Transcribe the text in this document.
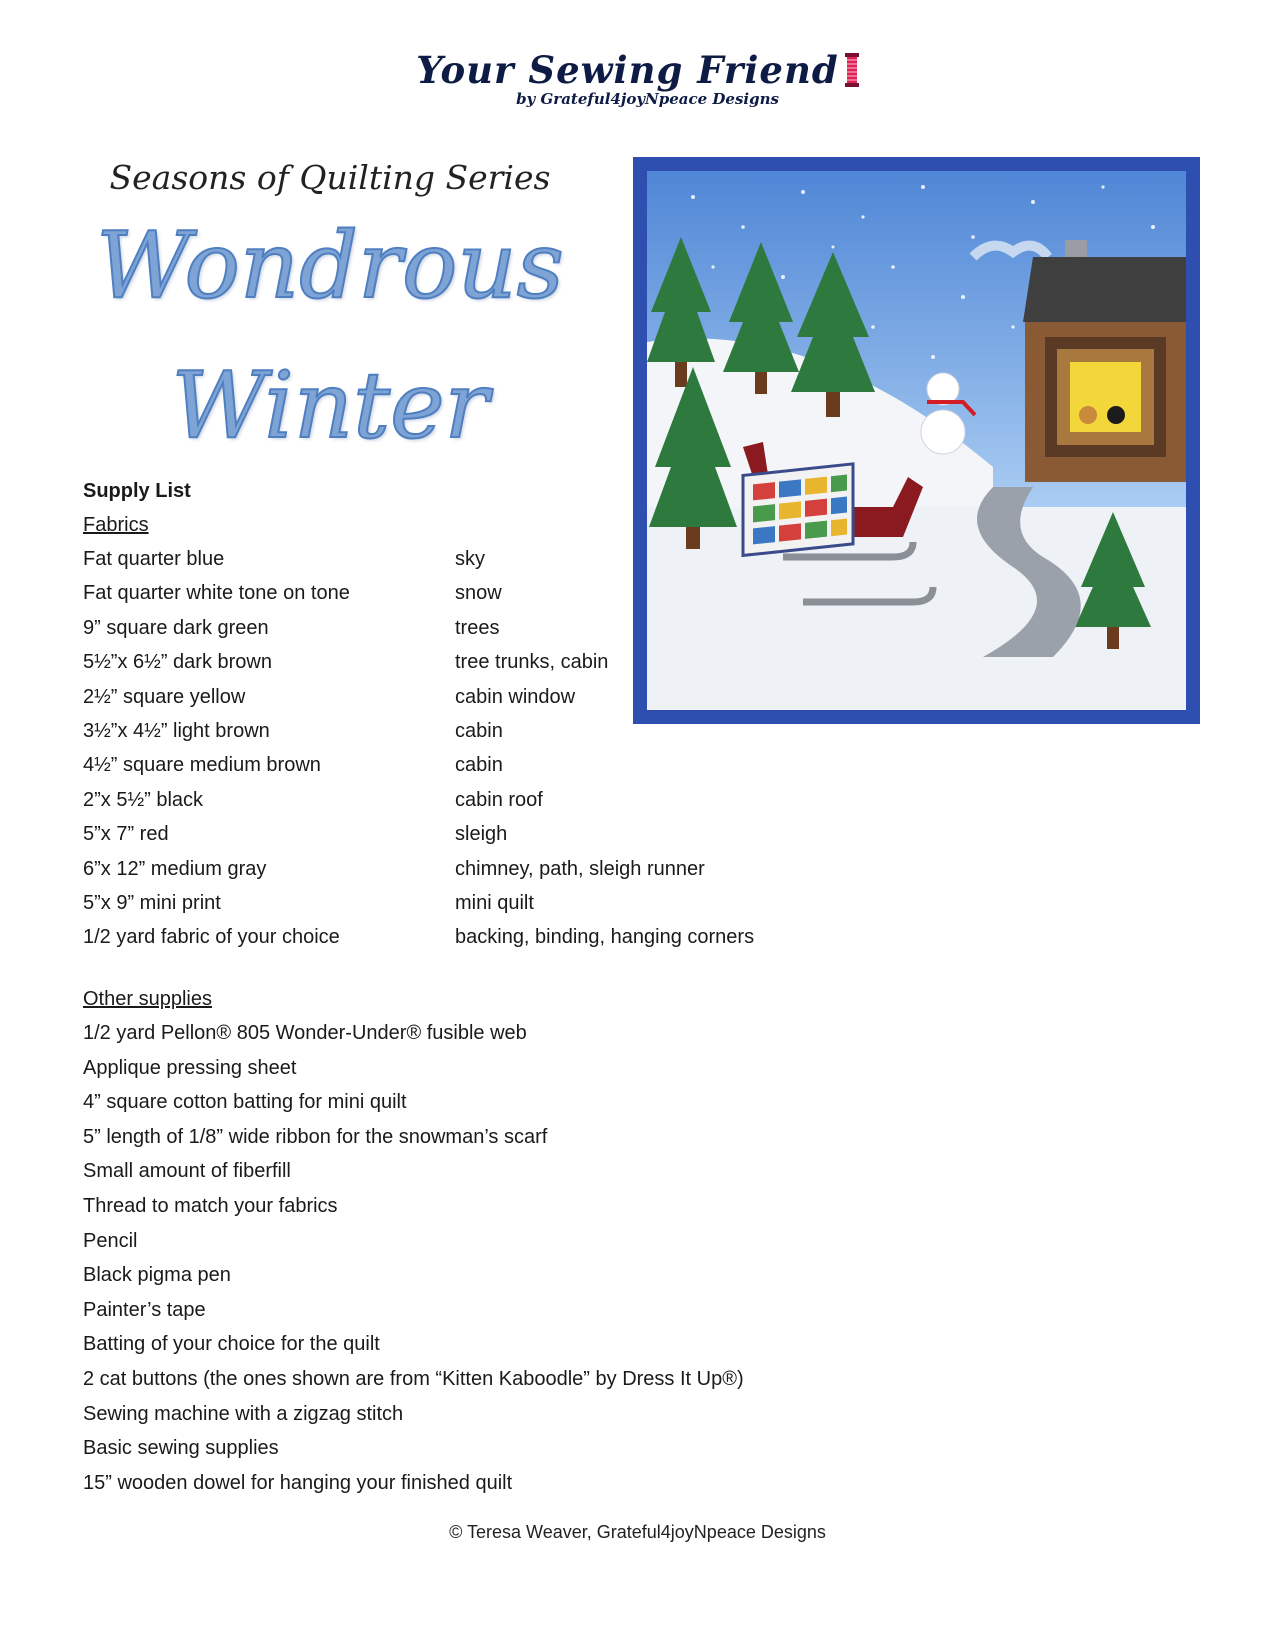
Your Sewing Friend
by Grateful4joyNpeace Designs
Seasons of Quilting Series
Wondrous
Winter
Supply List
Fabrics
Fat quarter blue	sky
Fat quarter white tone on tone	snow
9” square dark green	trees
5½”x 6½” dark brown	tree trunks, cabin
2½” square yellow	cabin window
3½”x 4½” light brown	cabin
4½” square medium brown	cabin
2”x 5½” black	cabin roof
5”x 7” red	sleigh
6”x 12” medium gray	chimney, path, sleigh runner
5”x 9” mini print	mini quilt
1/2 yard fabric of your choice	backing, binding, hanging corners
Other supplies
1/2 yard Pellon® 805 Wonder-Under® fusible web
Applique pressing sheet
4” square cotton batting for mini quilt
5” length of 1/8” wide ribbon for the snowman’s scarf
Small amount of fiberfill
Thread to match your fabrics
Pencil
Black pigma pen
Painter’s tape
Batting of your choice for the quilt
2 cat buttons (the ones shown are from “Kitten Kaboodle” by Dress It Up®)
Sewing machine with a zigzag stitch
Basic sewing supplies
15” wooden dowel for hanging your finished quilt
© Teresa Weaver, Grateful4joyNpeace Designs
